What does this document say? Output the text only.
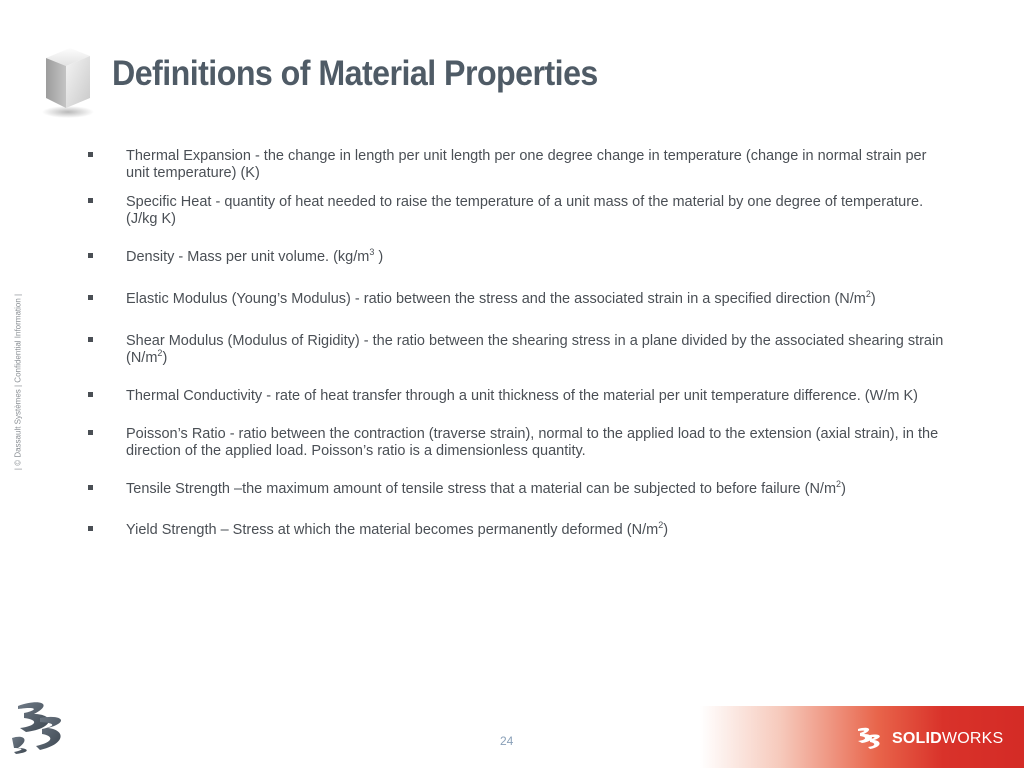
Definitions of Material Properties
| © Dassault Systèmes | Confidential Information |
Thermal Expansion - the change in length per unit length per one degree change in temperature (change in normal strain per unit temperature) (K)
Specific Heat - quantity of heat needed to raise the temperature of a unit mass of the material by one degree of temperature. (J/kg K)
Density - Mass per unit volume. ($kg/m^3$ )
Elastic Modulus (Young’s Modulus) - ratio between the stress and the associated strain in a specified direction $(N/m^2)$
Shear Modulus (Modulus of Rigidity) - the ratio between the shearing stress in a plane divided by the associated shearing strain $(N/m^2)$
Thermal Conductivity - rate of heat transfer through a unit thickness of the material per unit temperature difference. (W/m K)
Poisson’s Ratio - ratio between the contraction (traverse strain), normal to the applied load to the extension (axial strain), in the direction of the applied load. Poisson’s ratio is a dimensionless quantity.
Tensile Strength –the maximum amount of tensile stress that a material can be subjected to before failure $(N/m^2)$
Yield Strength – Stress at which the material becomes permanently deformed $(N/m^2)$
SOLIDWORKS
24
